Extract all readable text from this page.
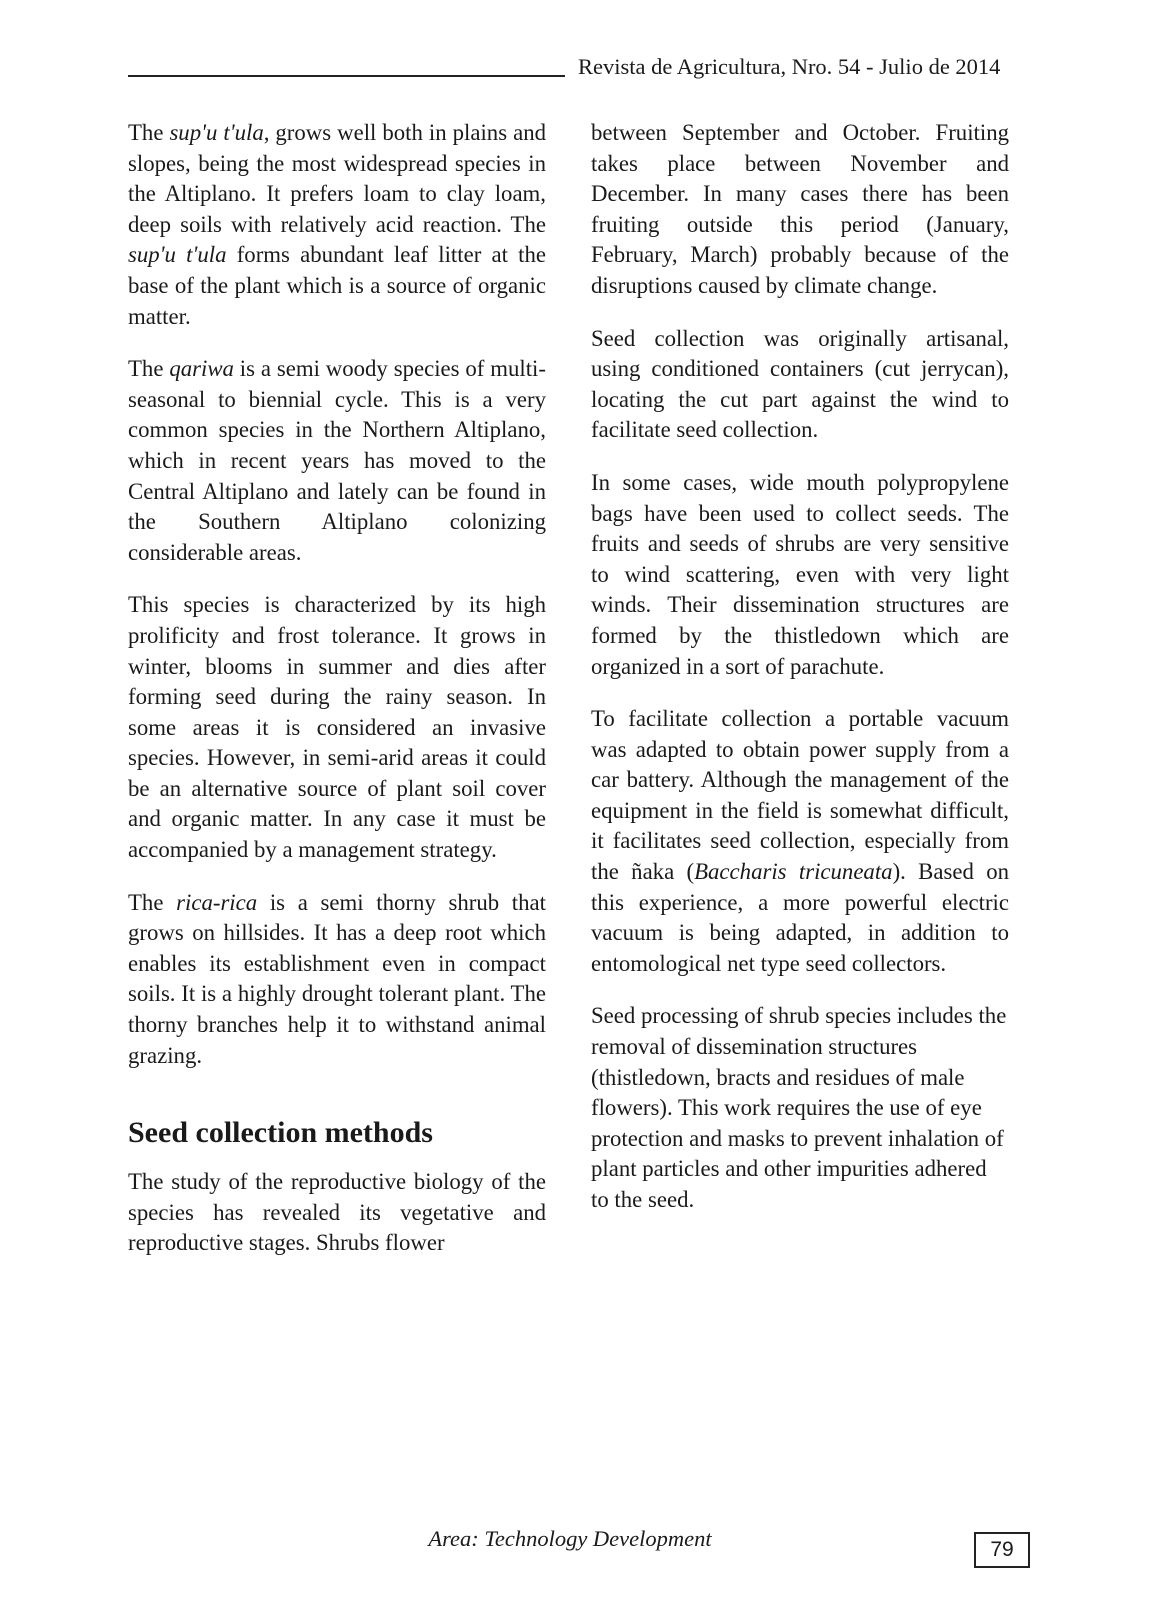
Revista de Agricultura, Nro. 54 - Julio de 2014

The sup'u t'ula, grows well both in plains and slopes, being the most widespread species in the Altiplano. It prefers loam to clay loam, deep soils with relatively acid reaction. The sup'u t'ula forms abundant leaf litter at the base of the plant which is a source of organic matter.

The qariwa is a semi woody species of multi-seasonal to biennial cycle. This is a very common species in the Northern Altiplano, which in recent years has moved to the Central Altiplano and lately can be found in the Southern Altiplano colonizing considerable areas.

This species is characterized by its high prolificity and frost tolerance. It grows in winter, blooms in summer and dies after forming seed during the rainy season. In some areas it is considered an invasive species. However, in semi-arid areas it could be an alternative source of plant soil cover and organic matter. In any case it must be accompanied by a management strategy.

The rica-rica is a semi thorny shrub that grows on hillsides. It has a deep root which enables its establishment even in compact soils. It is a highly drought tolerant plant. The thorny branches help it to withstand animal grazing.

Seed collection methods

The study of the reproductive biology of the species has revealed its vegetative and reproductive stages. Shrubs flower

between September and October. Fruiting takes place between November and December. In many cases there has been fruiting outside this period (January, February, March) probably because of the disruptions caused by climate change.

Seed collection was originally artisanal, using conditioned containers (cut jerrycan), locating the cut part against the wind to facilitate seed collection.

In some cases, wide mouth polypropylene bags have been used to collect seeds. The fruits and seeds of shrubs are very sensitive to wind scattering, even with very light winds. Their dissemination structures are formed by the thistledown which are organized in a sort of parachute.

To facilitate collection a portable vacuum was adapted to obtain power supply from a car battery. Although the management of the equipment in the field is somewhat difficult, it facilitates seed collection, especially from the ñaka (Baccharis tricuneata). Based on this experience, a more powerful electric vacuum is being adapted, in addition to entomological net type seed collectors.

Seed processing of shrub species includes the removal of dissemination structures (thistledown, bracts and residues of male flowers). This work requires the use of eye protection and masks to prevent inhalation of plant particles and other impurities adhered to the seed.

Area: Technology Development	79
